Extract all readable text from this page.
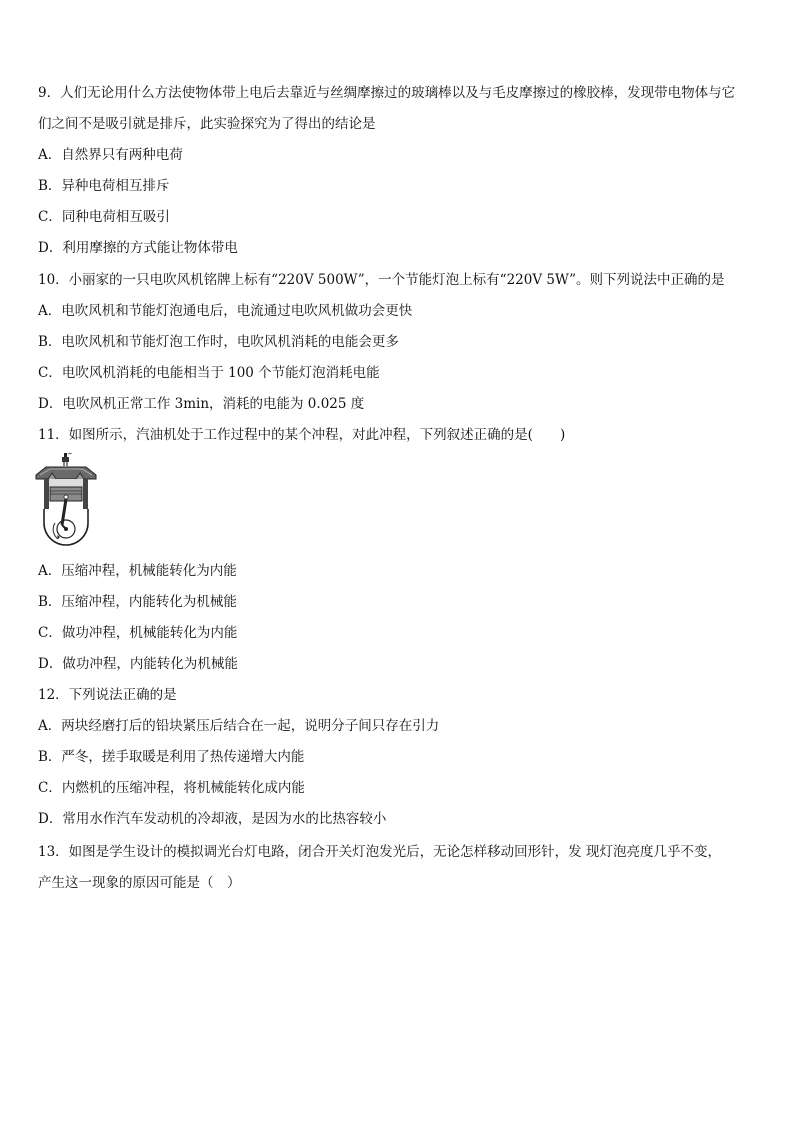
9．人们无论用什么方法使物体带上电后去靠近与丝绸摩擦过的玻璃棒以及与毛皮摩擦过的橡胶棒，发现带电物体与它
们之间不是吸引就是排斥，此实验探究为了得出的结论是
A．自然界只有两种电荷
B．异种电荷相互排斥
C．同种电荷相互吸引
D．利用摩擦的方式能让物体带电
10．小丽家的一只电吹风机铭牌上标有“220V 500W”，一个节能灯泡上标有“220V 5W”。则下列说法中正确的是
A．电吹风机和节能灯泡通电后，电流通过电吹风机做功会更快
B．电吹风机和节能灯泡工作时，电吹风机消耗的电能会更多
C．电吹风机消耗的电能相当于 100 个节能灯泡消耗电能
D．电吹风机正常工作 3min，消耗的电能为 0.025 度
11．如图所示，汽油机处于工作过程中的某个冲程，对此冲程，下列叙述正确的是(　　)
A．压缩冲程，机械能转化为内能
B．压缩冲程，内能转化为机械能
C．做功冲程，机械能转化为内能
D．做功冲程，内能转化为机械能
12．下列说法正确的是
A．两块经磨打后的铅块紧压后结合在一起，说明分子间只存在引力
B．严冬，搓手取暖是利用了热传递增大内能
C．内燃机的压缩冲程，将机械能转化成内能
D．常用水作汽车发动机的冷却液，是因为水的比热容较小
13．如图是学生设计的模拟调光台灯电路，闭合开关灯泡发光后，无论怎样移动回形针，发 现灯泡亮度几乎不变，
产生这一现象的原因可能是（　）
